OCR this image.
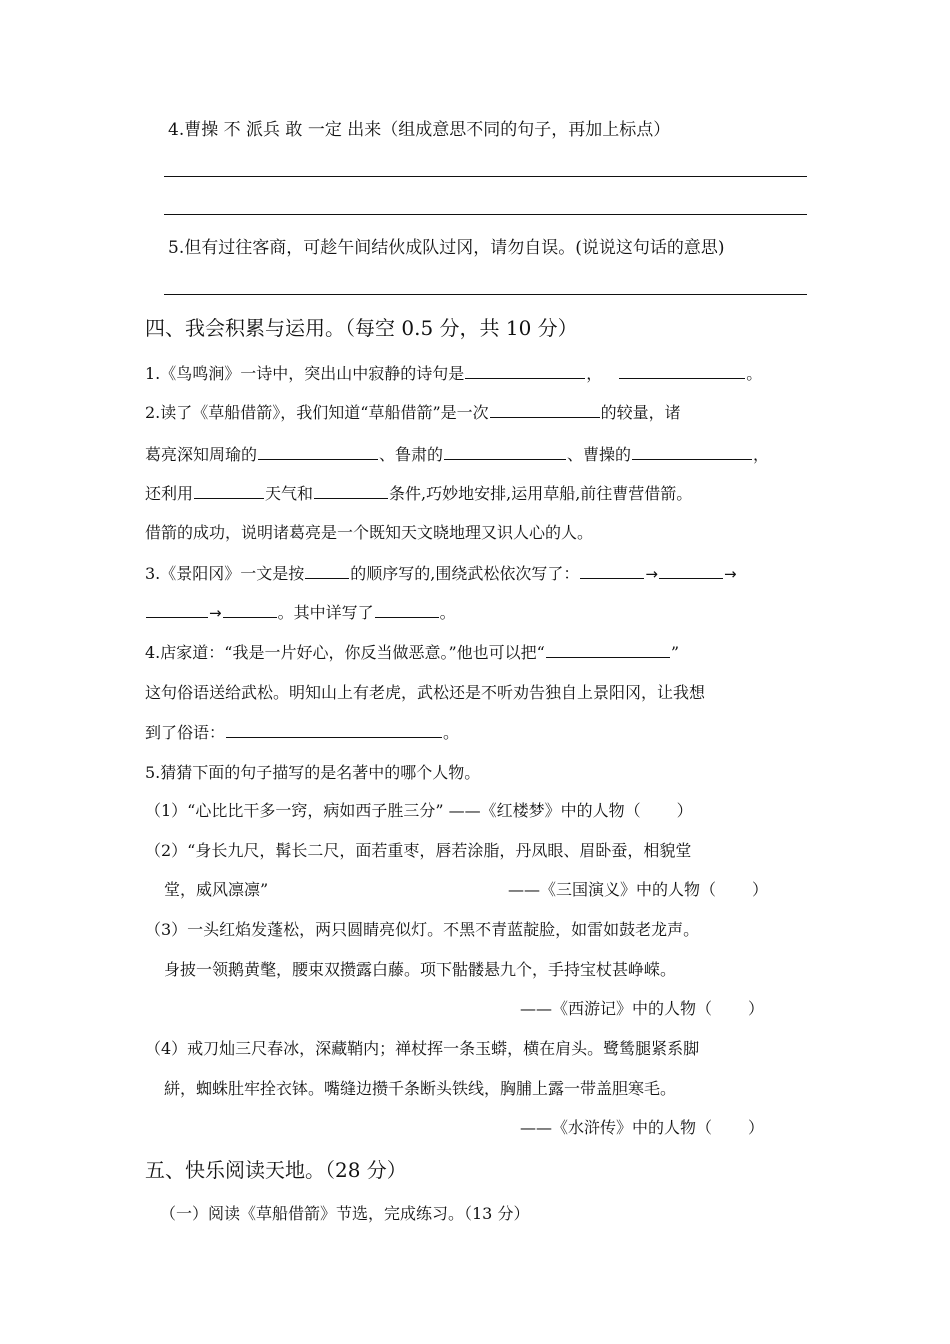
4.曹操 不 派兵 敢 一定 出来（组成意思不同的句子，再加上标点）
5.但有过往客商，可趁午间结伙成队过冈，请勿自误。(说说这句话的意思)
四、我会积累与运用。（每空 0.5 分，共 10 分）
1.《鸟鸣涧》一诗中，突出山中寂静的诗句是	，	。
2.读了《草船借箭》，我们知道“草船借箭”是一次	的较量，诸
葛亮深知周瑜的	、鲁肃的	、曹操的	，
还利用	天气和	条件,巧妙地安排,运用草船,前往曹营借箭。
借箭的成功，说明诸葛亮是一个既知天文晓地理又识人心的人。
3.《景阳冈》一文是按	的顺序写的,围绕武松依次写了：	→	→
→	。其中详写了	。
4.店家道：“我是一片好心，你反当做恶意。”他也可以把“	”
这句俗语送给武松。明知山上有老虎，武松还是不听劝告独自上景阳冈，让我想
到了俗语：	。
5.猜猜下面的句子描写的是名著中的哪个人物。
（1）“心比比干多一窍，病如西子胜三分” ——《红楼梦》中的人物（ ）
（2）“身长九尺，髯长二尺，面若重枣，唇若涂脂，丹凤眼、眉卧蚕，相貌堂
堂，威风凛凛”	——《三国演义》中的人物（ ）
（3）一头红焰发蓬松，两只圆睛亮似灯。不黑不青蓝靛脸，如雷如鼓老龙声。
身披一领鹅黄氅，腰束双攒露白藤。项下骷髅悬九个，手持宝杖甚峥嵘。
——《西游记》中的人物（ ）
（4）戒刀灿三尺春冰，深藏鞘内；禅杖挥一条玉蟒，横在肩头。鹭鸶腿紧系脚
絣，蜘蛛肚牢拴衣钵。嘴缝边攒千条断头铁线，胸脯上露一带盖胆寒毛。
——《水浒传》中的人物（ ）
五、快乐阅读天地。（28 分）
（一）阅读《草船借箭》节选，完成练习。（13 分）
